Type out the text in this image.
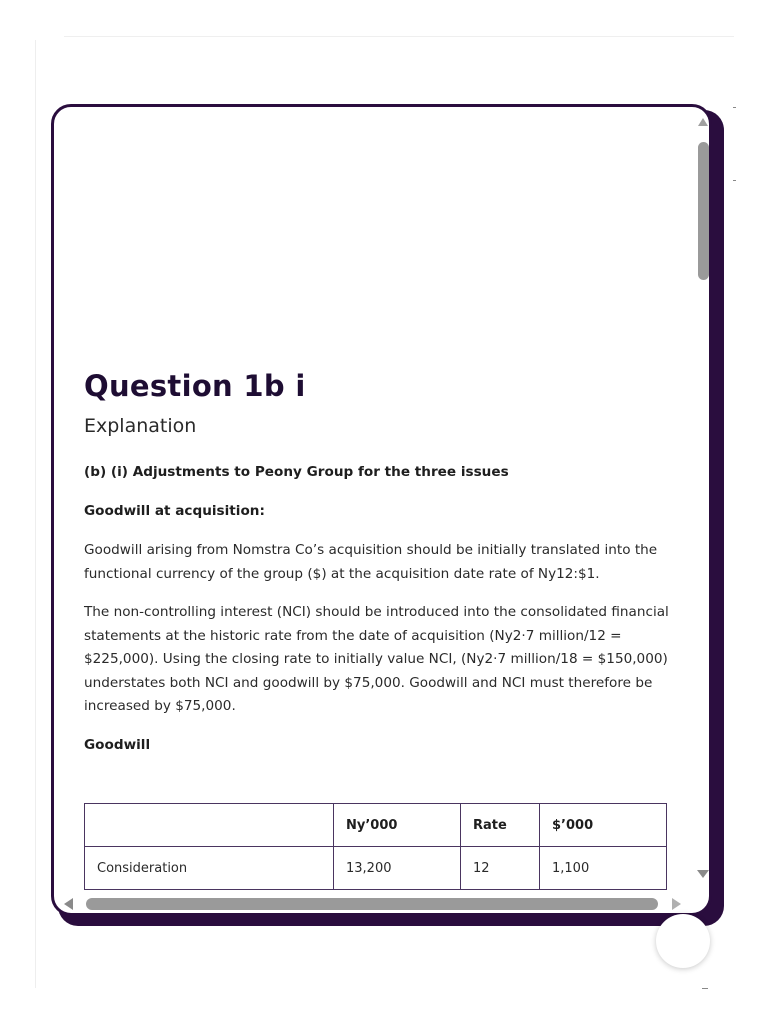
Question 1b i
Explanation

(b) (i) Adjustments to Peony Group for the three issues

Goodwill at acquisition:

Goodwill arising from Nomstra Co’s acquisition should be initially translated into the functional currency of the group ($) at the acquisition date rate of Ny12:$1.

The non-controlling interest (NCI) should be introduced into the consolidated financial statements at the historic rate from the date of acquisition (Ny2·7 million/12 = $225,000). Using the closing rate to initially value NCI, (Ny2·7 million/18 = $150,000) understates both NCI and goodwill by $75,000. Goodwill and NCI must therefore be increased by $75,000.

Goodwill

	Ny’000	Rate	$’000
Consideration	13,200	12	1,100
